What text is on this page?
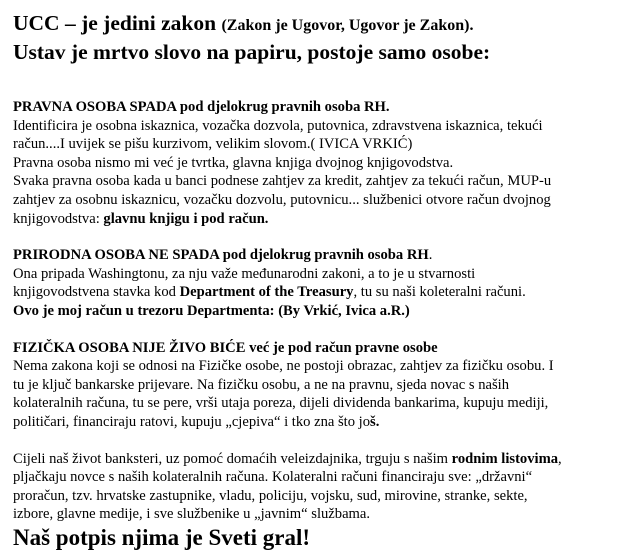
UCC – je jedini zakon (Zakon je Ugovor, Ugovor je Zakon).

Ustav je mrtvo slovo na papiru, postoje samo osobe:

PRAVNA OSOBA SPADA pod djelokrug pravnih osoba RH.
Identificira je osobna iskaznica, vozačka dozvola, putovnica, zdravstvena iskaznica, tekući
račun....I uvijek se pišu kurzivom, velikim slovom.( IVICA VRKIĆ)
Pravna osoba nismo mi već je tvrtka, glavna knjiga dvojnog knjigovodstva.
Svaka pravna osoba kada u banci podnese zahtjev za kredit, zahtjev za tekući račun, MUP-u
zahtjev za osobnu iskaznicu, vozačku dozvolu, putovnicu... službenici otvore račun dvojnog
knjigovodstva: glavnu knjigu i pod račun.
PRIRODNA OSOBA NE SPADA pod djelokrug pravnih osoba RH.
Ona pripada Washingtonu, za nju važe međunarodni zakoni, a to je u stvarnosti
knjigovodstvena stavka kod Department of the Treasury, tu su naši koleteralni računi.
Ovo je moj račun u trezoru Departmenta: (By Vrkić, Ivica a.R.)
FIZIČKA OSOBA NIJE ŽIVO BIĆE već je pod račun pravne osobe
Nema zakona koji se odnosi na Fizičke osobe, ne postoji obrazac, zahtjev za fizičku osobu. I
tu je ključ bankarske prijevare. Na fizičku osobu, a ne na pravnu, sjeda novac s naših
kolateralnih računa, tu se pere, vrši utaja poreza, dijeli dividenda bankarima, kupuju mediji,
političari, financiraju ratovi, kupuju „cjepiva“ i tko zna što još.
Cijeli naš život banksteri, uz pomoć domaćih veleizdajnika, trguju s našim rodnim listovima,
pljačkaju novce s naših kolateralnih računa. Kolateralni računi financiraju sve: „državni“
proračun, tzv. hrvatske zastupnike, vladu, policiju, vojsku, sud, mirovine, stranke, sekte,
izbore, glavne medije, i sve službenike u „javnim“ službama.

Naš potpis njima je Sveti gral!
